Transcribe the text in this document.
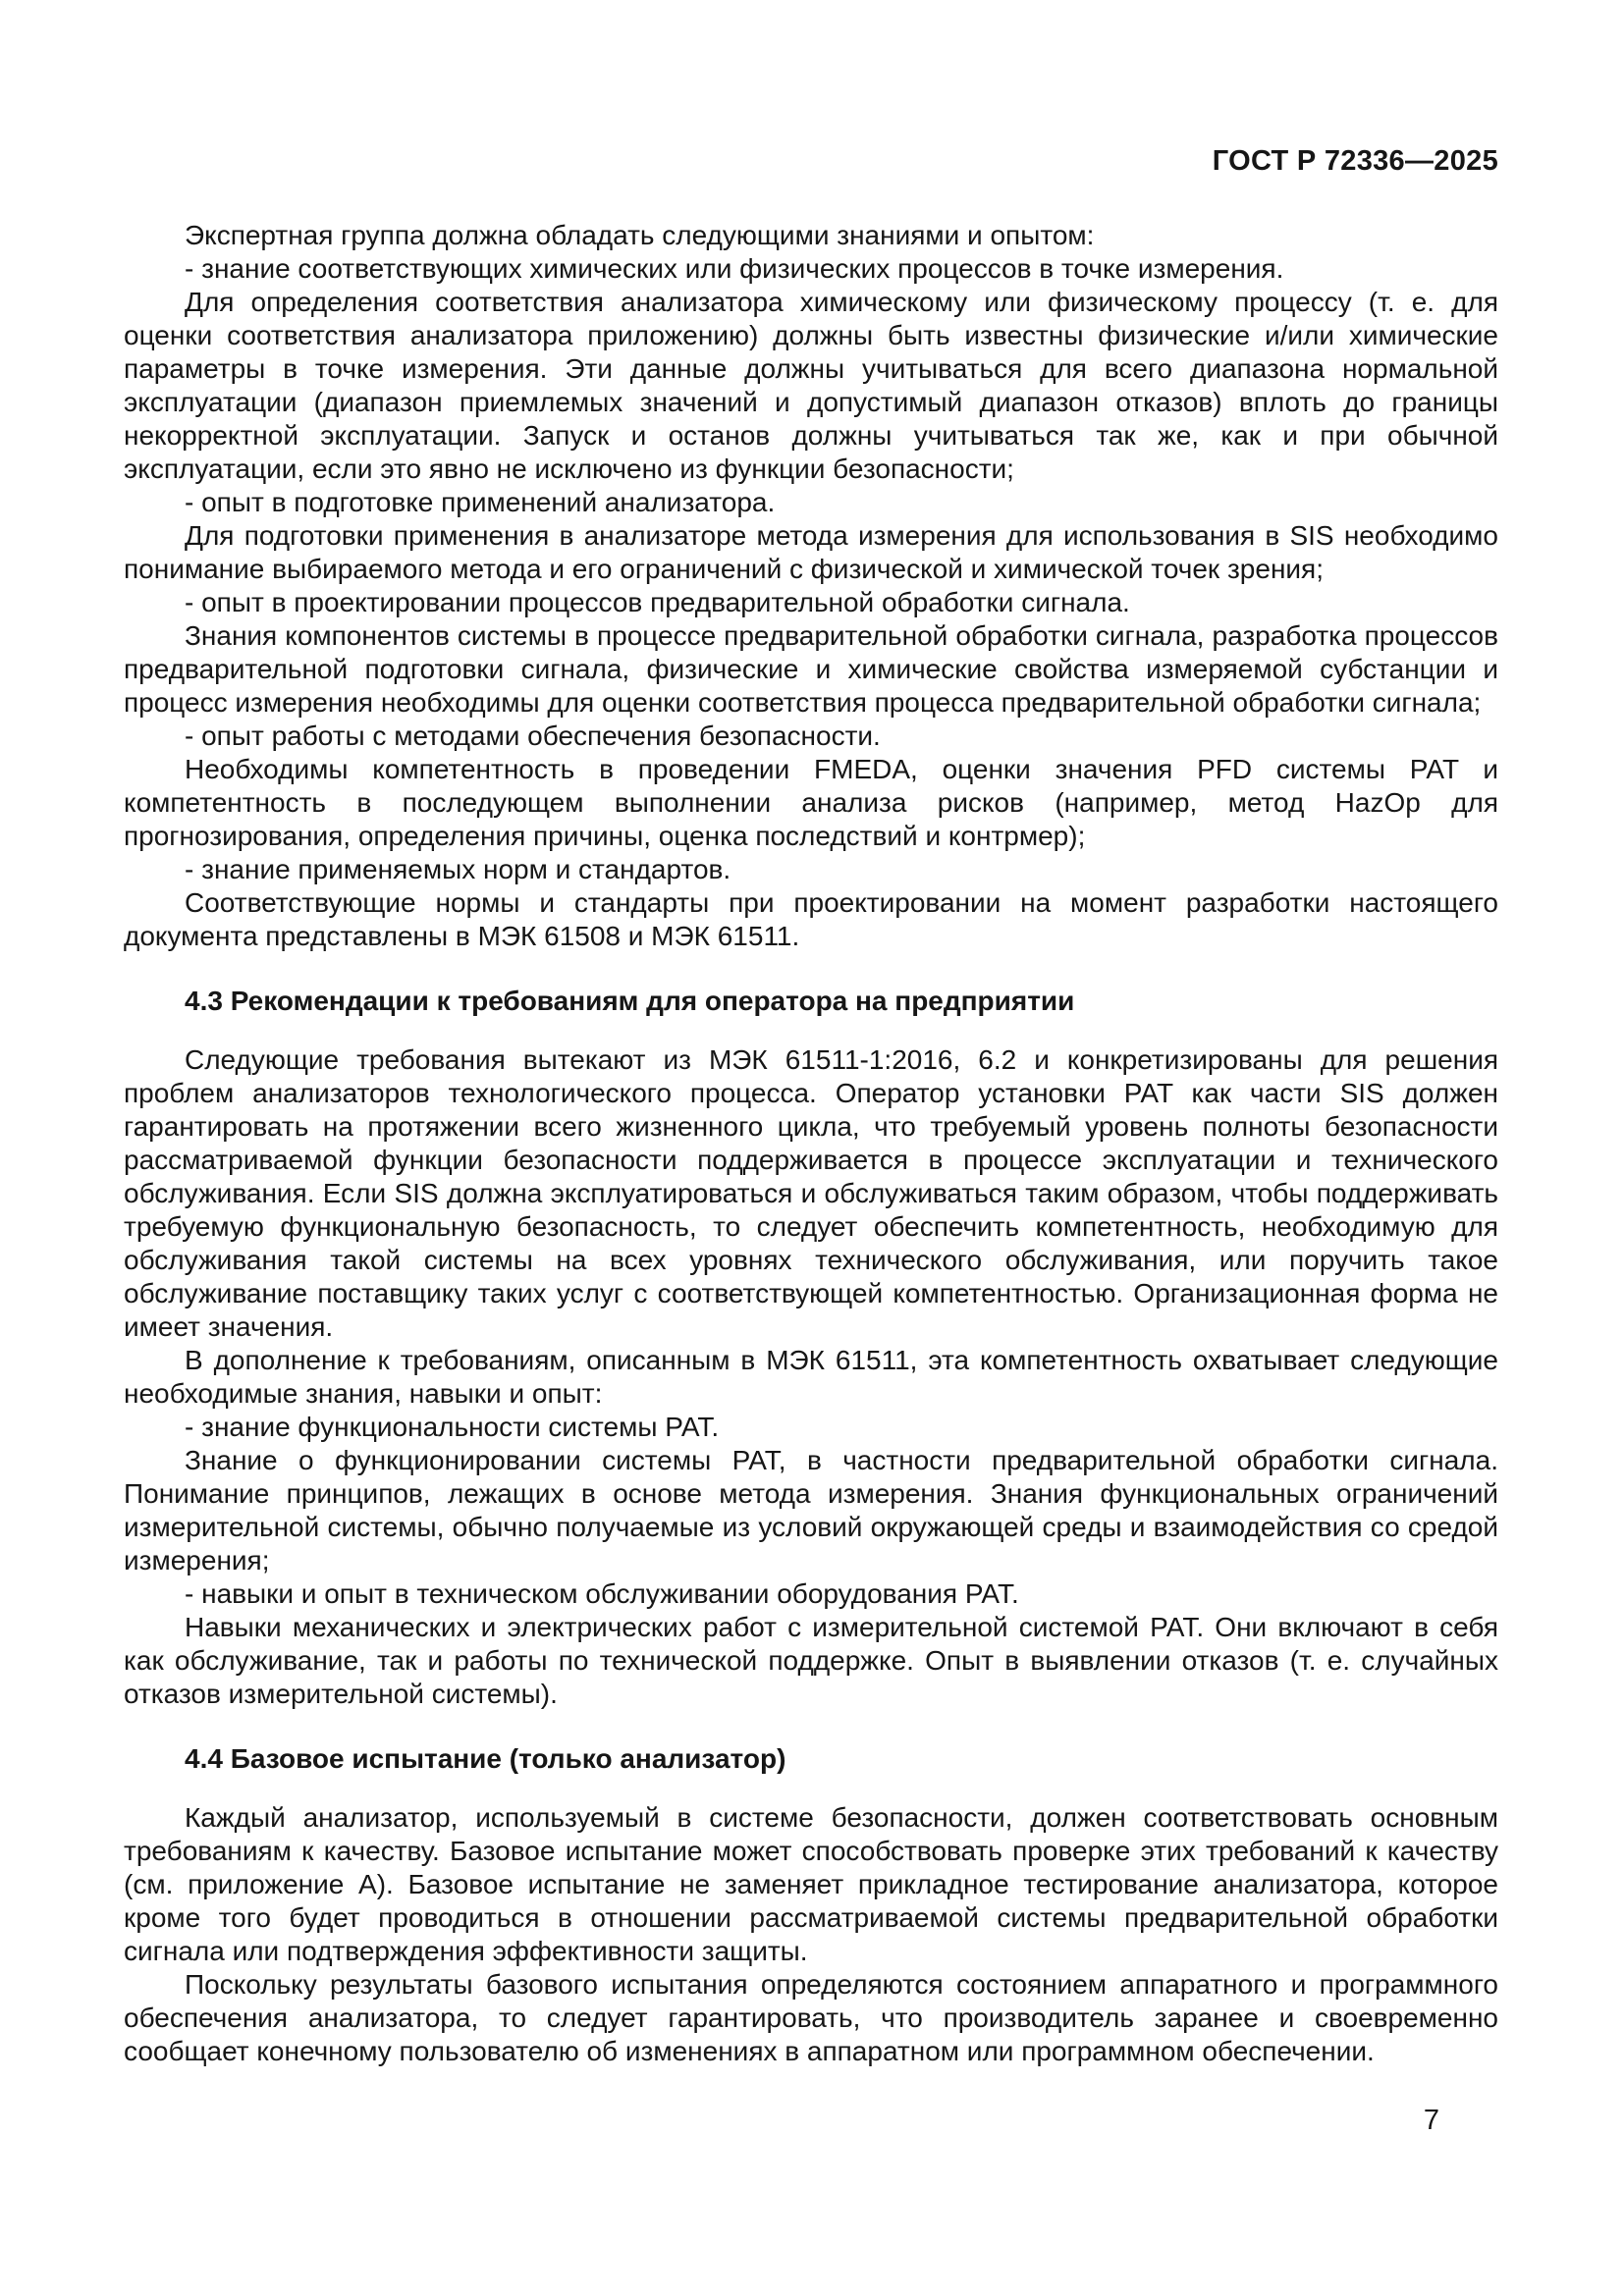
ГОСТ Р 72336—2025

Экспертная группа должна обладать следующими знаниями и опытом:

- знание соответствующих химических или физических процессов в точке измерения.

Для определения соответствия анализатора химическому или физическому процессу (т. е. для оценки соответствия анализатора приложению) должны быть известны физические и/или химические параметры в точке измерения. Эти данные должны учитываться для всего диапазона нормальной эксплуатации (диапазон приемлемых значений и допустимый диапазон отказов) вплоть до границы некорректной эксплуатации. Запуск и останов должны учитываться так же, как и при обычной эксплуатации, если это явно не исключено из функции безопасности;

- опыт в подготовке применений анализатора.

Для подготовки применения в анализаторе метода измерения для использования в SIS необходимо понимание выбираемого метода и его ограничений с физической и химической точек зрения;

- опыт в проектировании процессов предварительной обработки сигнала.

Знания компонентов системы в процессе предварительной обработки сигнала, разработка процессов предварительной подготовки сигнала, физические и химические свойства измеряемой субстанции и процесс измерения необходимы для оценки соответствия процесса предварительной обработки сигнала;

- опыт работы с методами обеспечения безопасности.

Необходимы компетентность в проведении FMEDA, оценки значения PFD системы PAT и компетентность в последующем выполнении анализа рисков (например, метод HazOp для прогнозирования, определения причины, оценка последствий и контрмер);

- знание применяемых норм и стандартов.

Соответствующие нормы и стандарты при проектировании на момент разработки настоящего документа представлены в МЭК 61508 и МЭК 61511.

4.3 Рекомендации к требованиям для оператора на предприятии

Следующие требования вытекают из МЭК 61511-1:2016, 6.2 и конкретизированы для решения проблем анализаторов технологического процесса. Оператор установки PAT как части SIS должен гарантировать на протяжении всего жизненного цикла, что требуемый уровень полноты безопасности рассматриваемой функции безопасности поддерживается в процессе эксплуатации и технического обслуживания. Если SIS должна эксплуатироваться и обслуживаться таким образом, чтобы поддерживать требуемую функциональную безопасность, то следует обеспечить компетентность, необходимую для обслуживания такой системы на всех уровнях технического обслуживания, или поручить такое обслуживание поставщику таких услуг с соответствующей компетентностью. Организационная форма не имеет значения.

В дополнение к требованиям, описанным в МЭК 61511, эта компетентность охватывает следующие необходимые знания, навыки и опыт:

- знание функциональности системы PAT.

Знание о функционировании системы PAT, в частности предварительной обработки сигнала. Понимание принципов, лежащих в основе метода измерения. Знания функциональных ограничений измерительной системы, обычно получаемые из условий окружающей среды и взаимодействия со средой измерения;

- навыки и опыт в техническом обслуживании оборудования PAT.

Навыки механических и электрических работ с измерительной системой PAT. Они включают в себя как обслуживание, так и работы по технической поддержке. Опыт в выявлении отказов (т. е. случайных отказов измерительной системы).

4.4 Базовое испытание (только анализатор)

Каждый анализатор, используемый в системе безопасности, должен соответствовать основным требованиям к качеству. Базовое испытание может способствовать проверке этих требований к качеству (см. приложение А). Базовое испытание не заменяет прикладное тестирование анализатора, которое кроме того будет проводиться в отношении рассматриваемой системы предварительной обработки сигнала или подтверждения эффективности защиты.

Поскольку результаты базового испытания определяются состоянием аппаратного и программного обеспечения анализатора, то следует гарантировать, что производитель заранее и своевременно сообщает конечному пользователю об изменениях в аппаратном или программном обеспечении.

7
